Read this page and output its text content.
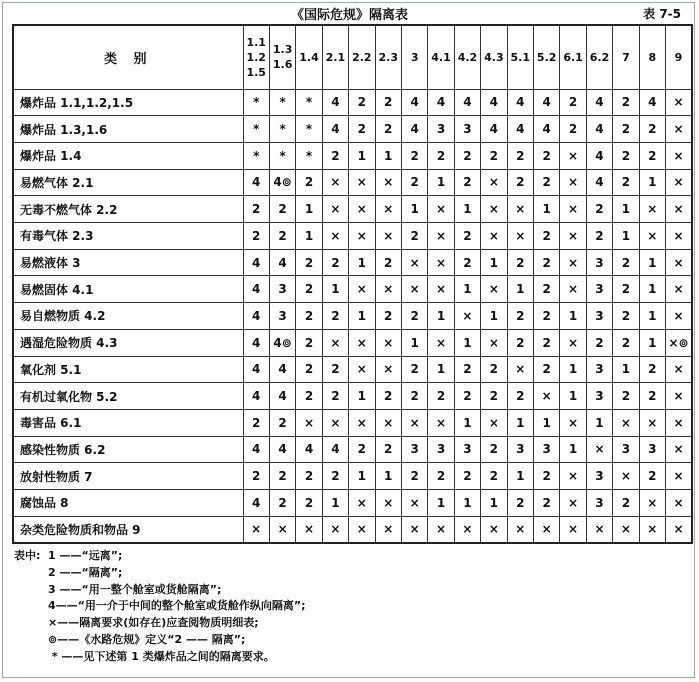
《国际危规》隔离表	表 7-5
类 别	1.1
1.2
1.5	1.3
1.6	1.4	2.1	2.2	2.3	3	4.1	4.2	4.3	5.1	5.2	6.1	6.2	7	8	9

爆炸品 1.1,1.2,1.5	*	*	*	4	2	2	4	4	4	4	4	4	2	4	2	4	×
爆炸品 1.3,1.6	*	*	*	4	2	2	4	3	3	4	4	4	2	4	2	2	×
爆炸品 1.4	*	*	*	2	1	1	2	2	2	2	2	2	×	4	2	2	×
易燃气体 2.1	4	4⊚	2	×	×	×	2	1	2	×	2	2	×	4	2	1	×
无毒不燃气体 2.2	2	2	1	×	×	×	1	×	1	×	×	1	×	2	1	×	×
有毒气体 2.3	2	2	1	×	×	×	2	×	2	×	×	2	×	2	1	×	×
易燃液体 3	4	4	2	2	1	2	×	×	2	1	2	2	×	3	2	1	×
易燃固体 4.1	4	3	2	1	×	×	×	×	1	×	1	2	×	3	2	1	×
易自燃物质 4.2	4	3	2	2	1	2	2	1	×	1	2	2	1	3	2	1	×
遇湿危险物质 4.3	4	4⊚	2	×	×	×	1	×	1	×	2	2	×	2	2	1	×⊚
氧化剂 5.1	4	4	2	2	×	×	2	1	2	2	×	2	1	3	1	2	×
有机过氧化物 5.2	4	4	2	2	1	2	2	2	2	2	2	×	1	3	2	2	×
毒害品 6.1	2	2	×	×	×	×	×	×	1	×	1	1	×	1	×	×	×
感染性物质 6.2	4	4	4	4	2	2	3	3	3	2	3	3	1	×	3	3	×
放射性物质 7	2	2	2	2	1	1	2	2	2	2	1	2	×	3	×	2	×
腐蚀品 8	4	2	2	1	×	×	×	1	1	1	2	2	×	3	2	×	×
杂类危险物质和物品 9	×	×	×	×	×	×	×	×	×	×	×	×	×	×	×	×	×
表中: 1 ——“远离”;
2 ——“隔离”;
3 ——“用一整个舱室或货舱隔离”;
4——“用一介于中间的整个舱室或货舱作纵向隔离”;
×——隔离要求(如存在)应查阅物质明细表;
⊚——《水路危规》定义“2 —— 隔离”;
* ——见下述第 1 类爆炸品之间的隔离要求。
